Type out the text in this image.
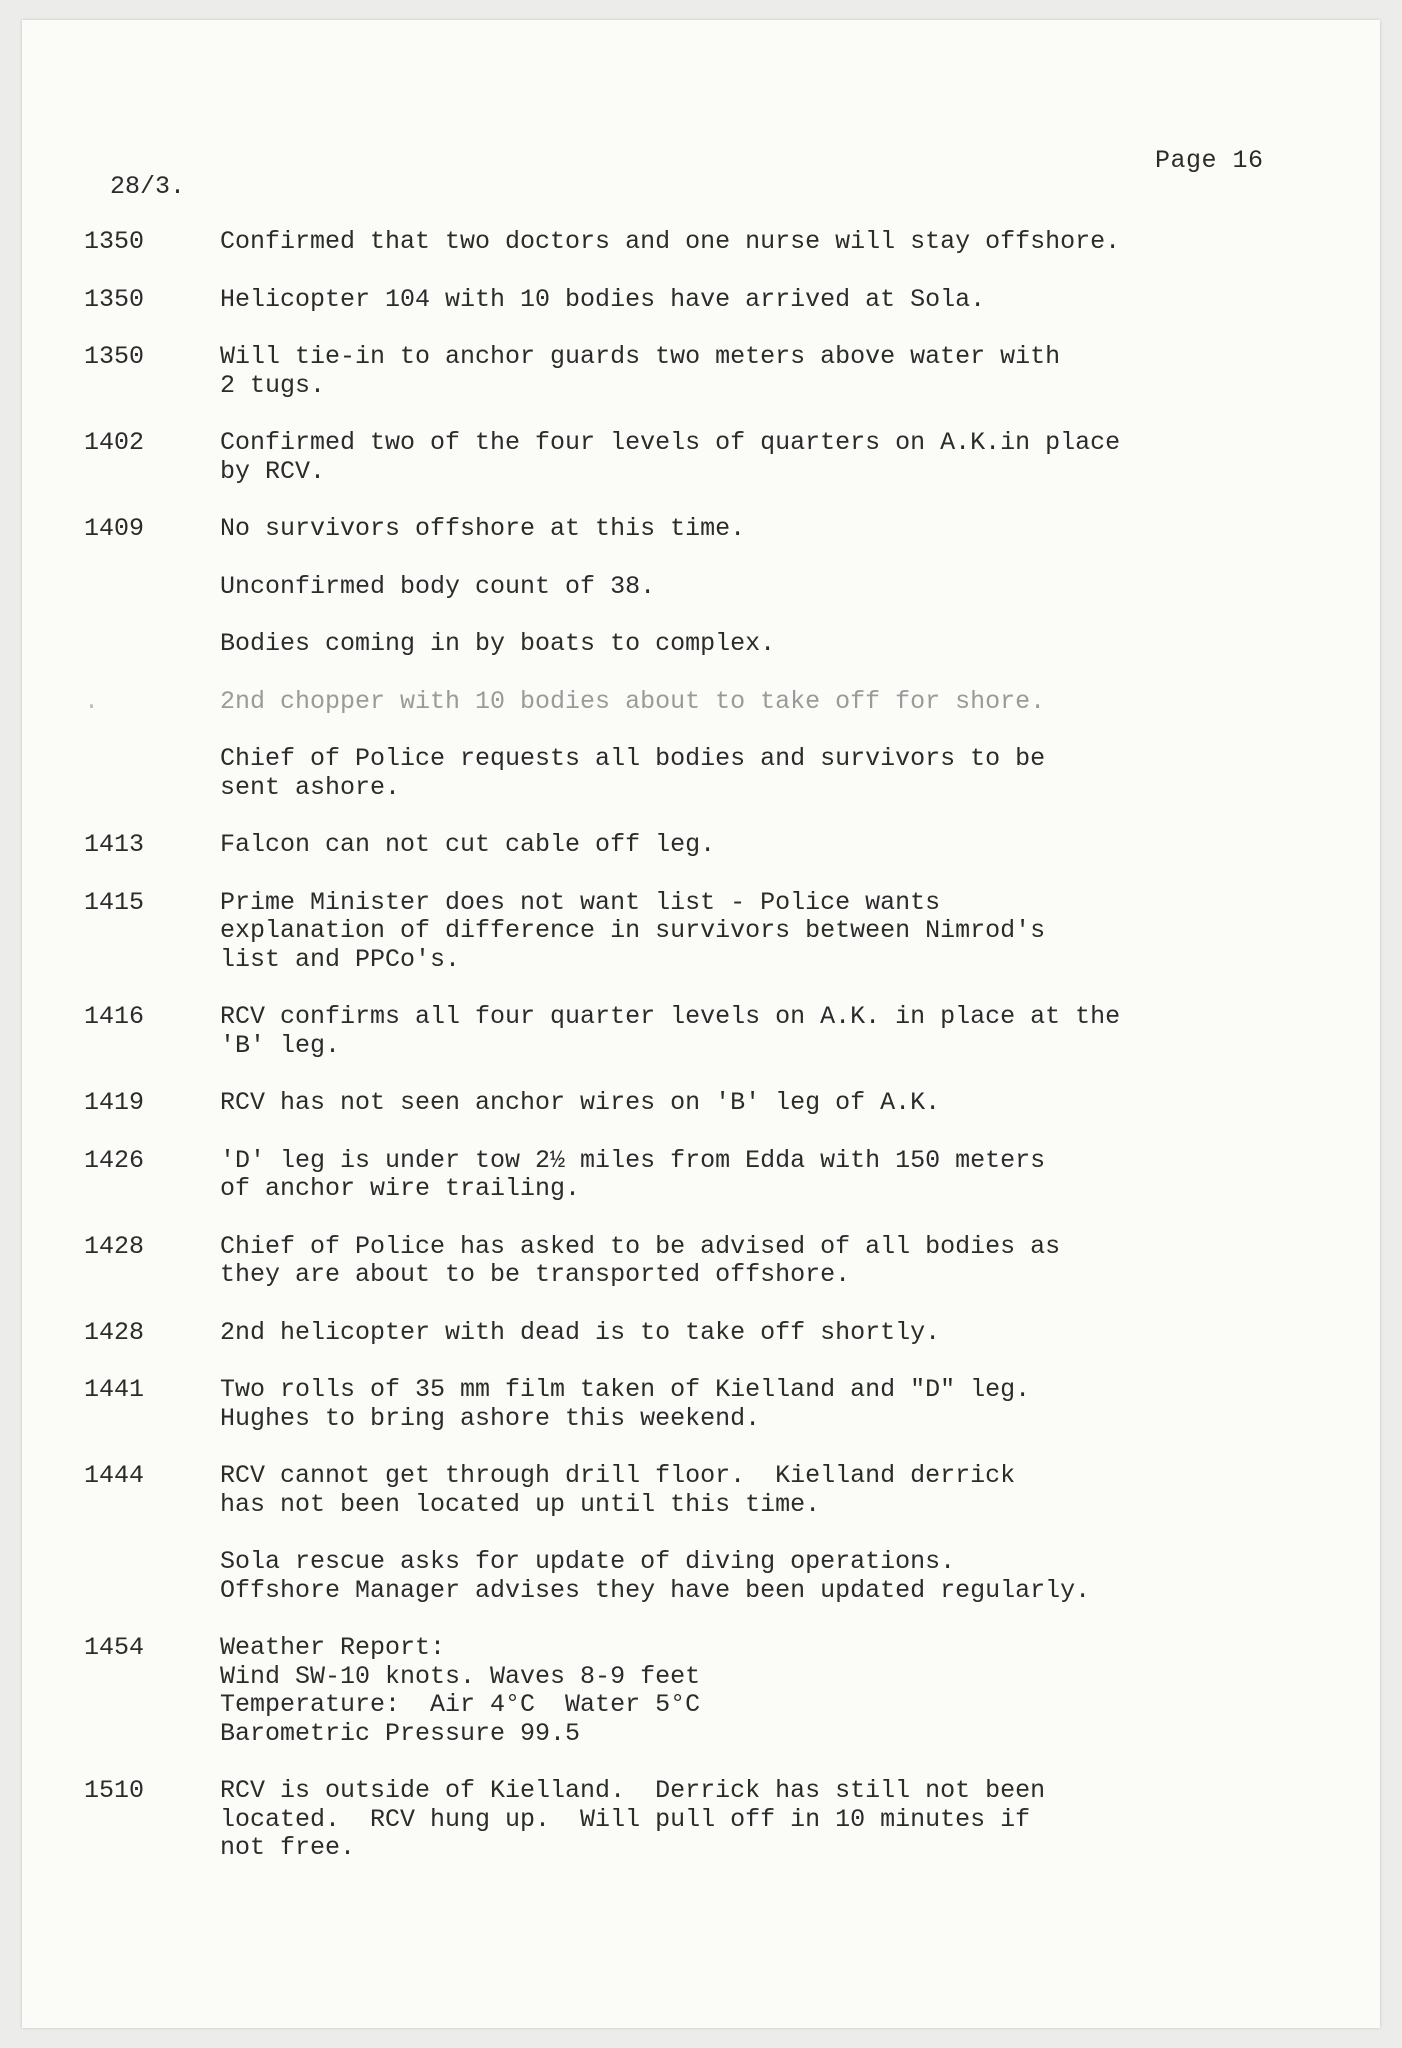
Page 16
28/3.
1350	Confirmed that two doctors and one nurse will stay offshore.
1350	Helicopter 104 with 10 bodies have arrived at Sola.
1350	Will tie-in to anchor guards two meters above water with
2 tugs.
1402	Confirmed two of the four levels of quarters on A.K.in place
by RCV.
1409	No survivors offshore at this time.
Unconfirmed body count of 38.
Bodies coming in by boats to complex.
.	2nd chopper with 10 bodies about to take off for shore.
Chief of Police requests all bodies and survivors to be
sent ashore.
1413	Falcon can not cut cable off leg.
1415	Prime Minister does not want list - Police wants
explanation of difference in survivors between Nimrod's
list and PPCo's.
1416	RCV confirms all four quarter levels on A.K. in place at the
'B' leg.
1419	RCV has not seen anchor wires on 'B' leg of A.K.
1426	'D' leg is under tow 2½ miles from Edda with 150 meters
of anchor wire trailing.
1428	Chief of Police has asked to be advised of all bodies as
they are about to be transported offshore.
1428	2nd helicopter with dead is to take off shortly.
1441	Two rolls of 35 mm film taken of Kielland and "D" leg.
Hughes to bring ashore this weekend.
1444	RCV cannot get through drill floor.  Kielland derrick
has not been located up until this time.
Sola rescue asks for update of diving operations.
Offshore Manager advises they have been updated regularly.
1454	Weather Report:
Wind SW-10 knots. Waves 8-9 feet
Temperature:  Air 4°C  Water 5°C
Barometric Pressure 99.5
1510	RCV is outside of Kielland.  Derrick has still not been
located.  RCV hung up.  Will pull off in 10 minutes if
not free.
